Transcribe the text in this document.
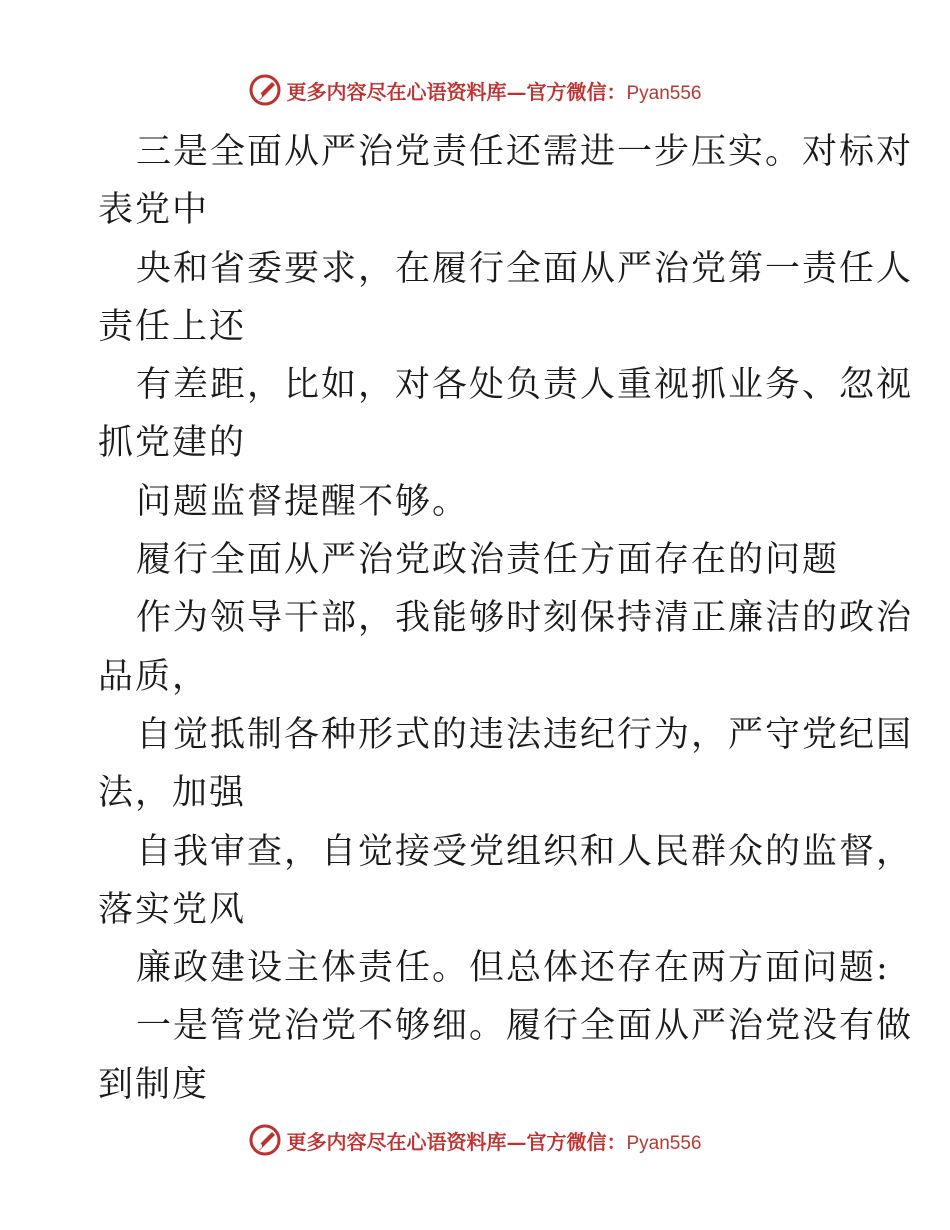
更多内容尽在心语资料库—官方微信：Pyan556
三是全面从严治党责任还需进一步压实。对标对
表党中
央和省委要求，在履行全面从严治党第一责任人
责任上还
有差距，比如，对各处负责人重视抓业务、忽视
抓党建的
问题监督提醒不够。
履行全面从严治党政治责任方面存在的问题
作为领导干部，我能够时刻保持清正廉洁的政治
品质，
自觉抵制各种形式的违法违纪行为，严守党纪国
法，加强
自我审查，自觉接受党组织和人民群众的监督，
落实党风
廉政建设主体责任。但总体还存在两方面问题:
一是管党治党不够细。履行全面从严治党没有做
到制度
更多内容尽在心语资料库—官方微信：Pyan556
